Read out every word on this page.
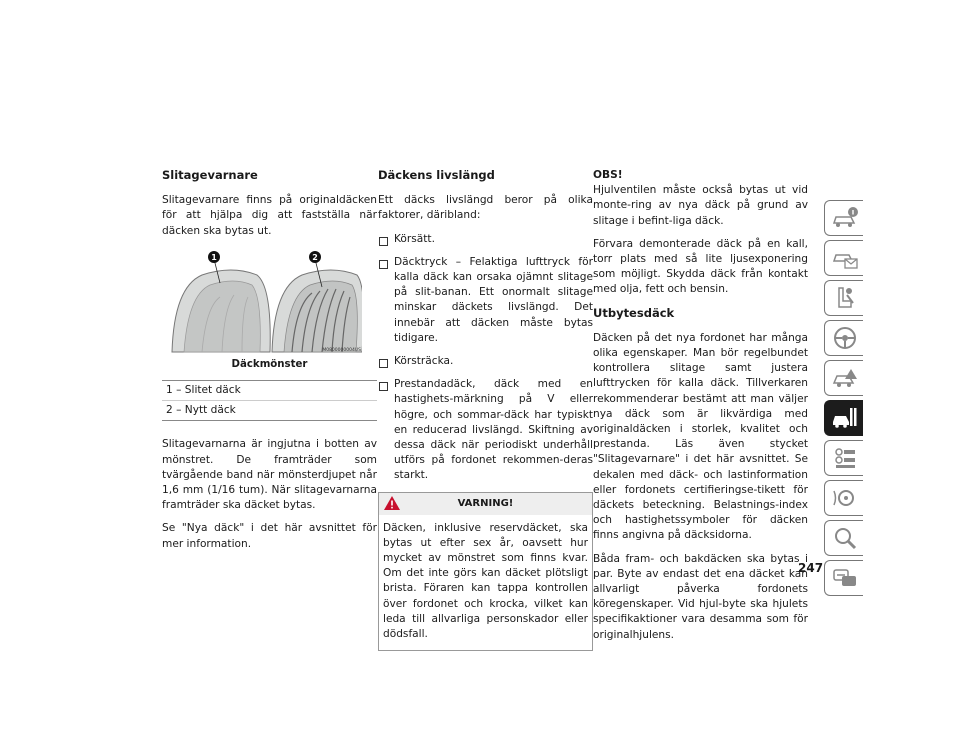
Slitagevarnare

Slitagevarnare finns på originaldäcken för att hjälpa dig att fastställa när däcken ska bytas ut.

1	2
M0800000004US
Däckmönster
1 – Slitet däck
2 – Nytt däck

Slitagevarnarna är ingjutna i botten av mönstret. De framträder som tvärgående band när mönsterdjupet når 1,6 mm (1/16 tum). När slitagevarnarna framträder ska däcket bytas.

Se "Nya däck" i det här avsnittet för mer information.

Däckens livslängd

Ett däcks livslängd beror på olika faktorer, däribland:

Körsätt.
Däcktryck – Felaktiga lufttryck för kalla däck kan orsaka ojämnt slitage på slit-banan. Ett onormalt slitage minskar däckets livslängd. Det innebär att däcken måste bytas tidigare.
Körsträcka.
Prestandadäck, däck med en hastighets-märkning på V eller högre, och sommar-däck har typiskt en reducerad livslängd. Skiftning av dessa däck när periodiskt underhåll utförs på fordonet rekommen-deras starkt.
VARNING!
Däcken, inklusive reservdäcket, ska bytas ut efter sex år, oavsett hur mycket av mönstret som finns kvar. Om det inte görs kan däcket plötsligt brista. Föraren kan tappa kontrollen över fordonet och krocka, vilket kan leda till allvarliga personskador eller dödsfall.

OBS!

Hjulventilen måste också bytas ut vid monte-ring av nya däck på grund av slitage i befint-liga däck.

Förvara demonterade däck på en kall, torr plats med så lite ljusexponering som möjligt. Skydda däck från kontakt med olja, fett och bensin.

Utbytesdäck

Däcken på det nya fordonet har många olika egenskaper. Man bör regelbundet kontrollera slitage samt justera lufttrycken för kalla däck. Tillverkaren rekommenderar bestämt att man väljer nya däck som är likvärdiga med originaldäcken i storlek, kvalitet och prestanda. Läs även stycket "Slitagevarnare" i det här avsnittet. Se dekalen med däck- och lastinformation eller fordonets certifieringse-tikett för däckets beteckning. Belastnings-index och hastighetssymboler för däcken finns angivna på däcksidorna.

Båda fram- och bakdäcken ska bytas i par. Byte av endast det ena däcket kan allvarligt påverka fordonets köregenskaper. Vid hjul-byte ska hjulets specifikaktioner vara desamma som för originalhjulens.

247
